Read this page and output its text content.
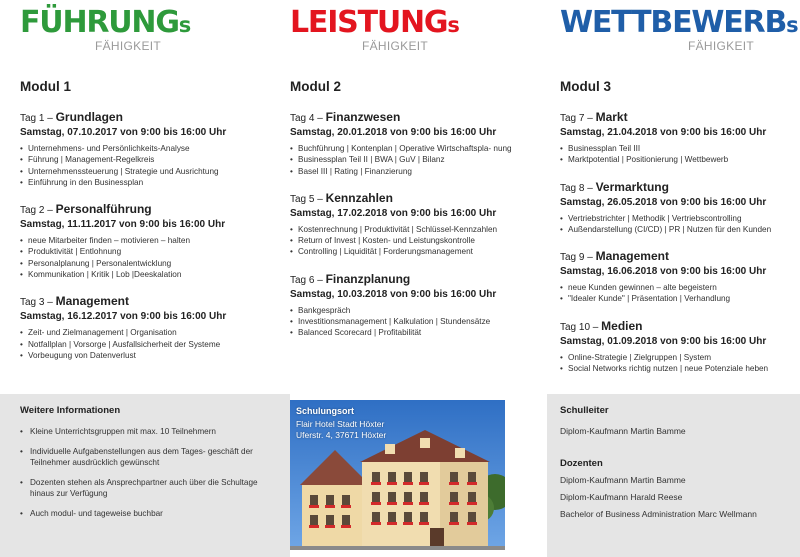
FÜHRUNGs
FÄHIGKEIT
LEISTUNGs
FÄHIGKEIT
WETTBEWERBs
FÄHIGKEIT
Modul 1
Tag 1 – Grundlagen
Samstag, 07.10.2017 von 9:00 bis 16:00 Uhr
• Unternehmens- und Persönlichkeits-Analyse
• Führung | Management-Regelkreis
• Unternehmenssteuerung | Strategie und Ausrichtung
• Einführung in den Businessplan
Tag 2 – Personalführung
Samstag, 11.11.2017 von 9:00 bis 16:00 Uhr
• neue Mitarbeiter finden – motivieren – halten
• Produktivität | Entlohnung
• Personalplanung | Personalentwicklung
• Kommunikation | Kritik | Lob |Deeskalation
Tag 3 – Management
Samstag, 16.12.2017 von 9:00 bis 16:00 Uhr
• Zeit- und Zielmanagement | Organisation
• Notfallplan | Vorsorge | Ausfallsicherheit der Systeme
• Vorbeugung von Datenverlust
Modul 2
Tag 4 – Finanzwesen
Samstag, 20.01.2018 von 9:00 bis 16:00 Uhr
• Buchführung | Kontenplan | Operative Wirtschaftspla- nung
• Businessplan Teil II | BWA | GuV | Bilanz
• Basel III | Rating | Finanzierung
Tag 5 – Kennzahlen
Samstag, 17.02.2018 von 9:00 bis 16:00 Uhr
• Kostenrechnung | Produktivität | Schlüssel-Kennzahlen
• Return of Invest | Kosten- und Leistungskontrolle
• Controlling | Liquidität | Forderungsmanagement
Tag 6 – Finanzplanung
Samstag, 10.03.2018 von 9:00 bis 16:00 Uhr
• Bankgespräch
• Investitionsmanagement | Kalkulation | Stundensätze
• Balanced Scorecard | Profitabilität
Modul 3
Tag 7 – Markt
Samstag, 21.04.2018 von 9:00 bis 16:00 Uhr
• Businessplan Teil III
• Marktpotential | Positionierung | Wettbewerb
Tag 8 – Vermarktung
Samstag, 26.05.2018 von 9:00 bis 16:00 Uhr
• Vertriebstrichter | Methodik | Vertriebscontrolling
• Außendarstellung (CI/CD) | PR | Nutzen für den Kunden
Tag 9 – Management
Samstag, 16.06.2018 von 9:00 bis 16:00 Uhr
• neue Kunden gewinnen – alte begeistern
• "Idealer Kunde" | Präsentation | Verhandlung
Tag 10 – Medien
Samstag, 01.09.2018 von 9:00 bis 16:00 Uhr
• Online-Strategie | Zielgruppen | System
• Social Networks richtig nutzen | neue Potenziale heben
Weitere Informationen
• Kleine Unterrichtsgruppen mit max. 10 Teilnehmern
• Individuelle Aufgabenstellungen aus dem Tages- geschäft der Teilnehmer ausdrücklich gewünscht
• Dozenten stehen als Ansprechpartner auch über die Schultage hinaus zur Verfügung
• Auch modul- und tageweise buchbar
Schulungsort
Flair Hotel Stadt Höxter
Uferstr. 4, 37671 Höxter
Schulleiter
Diplom-Kaufmann Martin Bamme
Dozenten
Diplom-Kaufmann Martin Bamme
Diplom-Kaufmann Harald Reese
Bachelor of Business Administration Marc Wellmann
